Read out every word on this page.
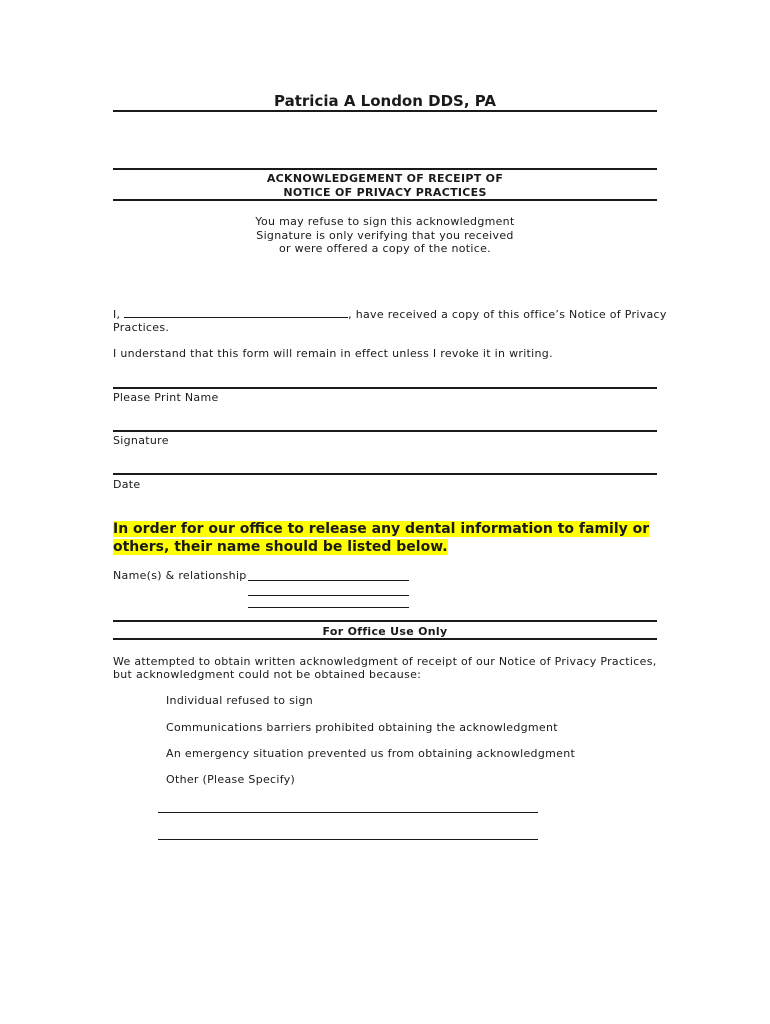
Patricia A London DDS, PA
ACKNOWLEDGEMENT OF RECEIPT OF
NOTICE OF PRIVACY PRACTICES
You may refuse to sign this acknowledgment
Signature is only verifying that you received
or were offered a copy of the notice.
I,	, have received a copy of this office’s Notice of Privacy
Practices.
I understand that this form will remain in effect unless I revoke it in writing.
Please Print Name
Signature
Date
In order for our office to release any dental information to family or
others, their name should be listed below.
Name(s) & relationship
For Office Use Only
We attempted to obtain written acknowledgment of receipt of our Notice of Privacy Practices,
but acknowledgment could not be obtained because:
Individual refused to sign
Communications barriers prohibited obtaining the acknowledgment
An emergency situation prevented us from obtaining acknowledgment
Other (Please Specify)
